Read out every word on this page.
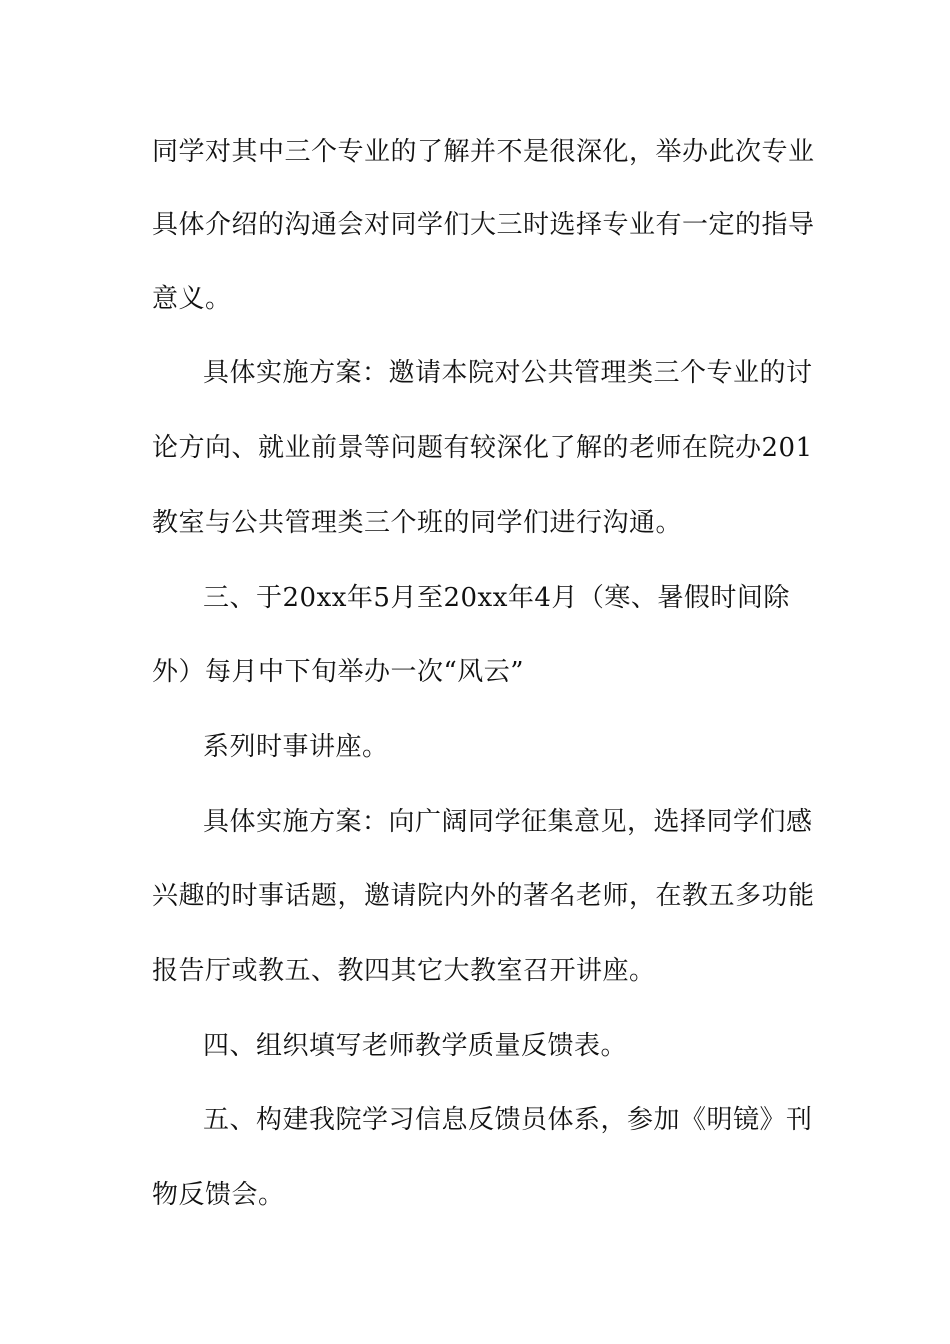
同学对其中三个专业的了解并不是很深化，举办此次专业
具体介绍的沟通会对同学们大三时选择专业有一定的指导
意义。
具体实施方案：邀请本院对公共管理类三个专业的讨
论方向、就业前景等问题有较深化了解的老师在院办201
教室与公共管理类三个班的同学们进行沟通。
三、于20xx年5月至20xx年4月（寒、暑假时间除
外）每月中下旬举办一次“风云”
系列时事讲座。
具体实施方案：向广阔同学征集意见，选择同学们感
兴趣的时事话题，邀请院内外的著名老师，在教五多功能
报告厅或教五、教四其它大教室召开讲座。
四、组织填写老师教学质量反馈表。
五、构建我院学习信息反馈员体系，参加《明镜》刊
物反馈会。
